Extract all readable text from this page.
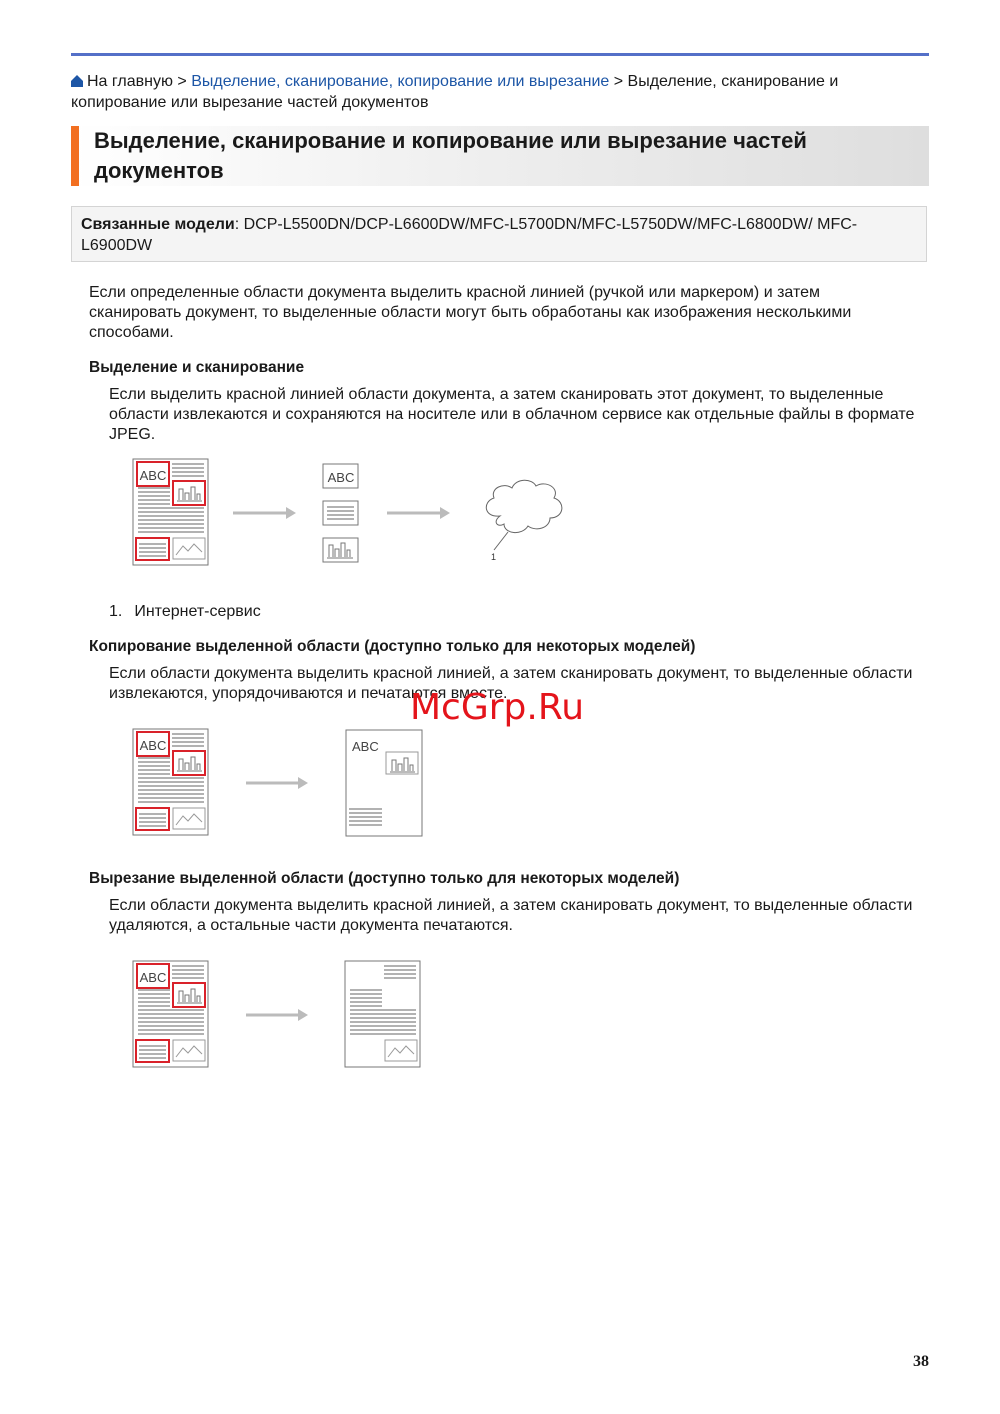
На главную > Выделение, сканирование, копирование или вырезание > Выделение, сканирование и копирование или вырезание частей документов
Выделение, сканирование и копирование или вырезание частей документов
Связанные модели: DCP-L5500DN/DCP-L6600DW/MFC-L5700DN/MFC-L5750DW/MFC-L6800DW/ MFC-L6900DW
Если определенные области документа выделить красной линией (ручкой или маркером) и затем сканировать документ, то выделенные области могут быть обработаны как изображения несколькими способами.
Выделение и сканирование
Если выделить красной линией области документа, а затем сканировать этот документ, то выделенные области извлекаются и сохраняются на носителе или в облачном сервисе как отдельные файлы в формате JPEG.
ABC	ABC
1
1. Интернет-сервис
Копирование выделенной области (доступно только для некоторых моделей)
Если области документа выделить красной линией, а затем сканировать документ, то выделенные области извлекаются, упорядочиваются и печатаются вместе.
ABC	ABC
Вырезание выделенной области (доступно только для некоторых моделей)
Если области документа выделить красной линией, а затем сканировать документ, то выделенные области удаляются, а остальные части документа печатаются.
ABC
McGrp.Ru
38
